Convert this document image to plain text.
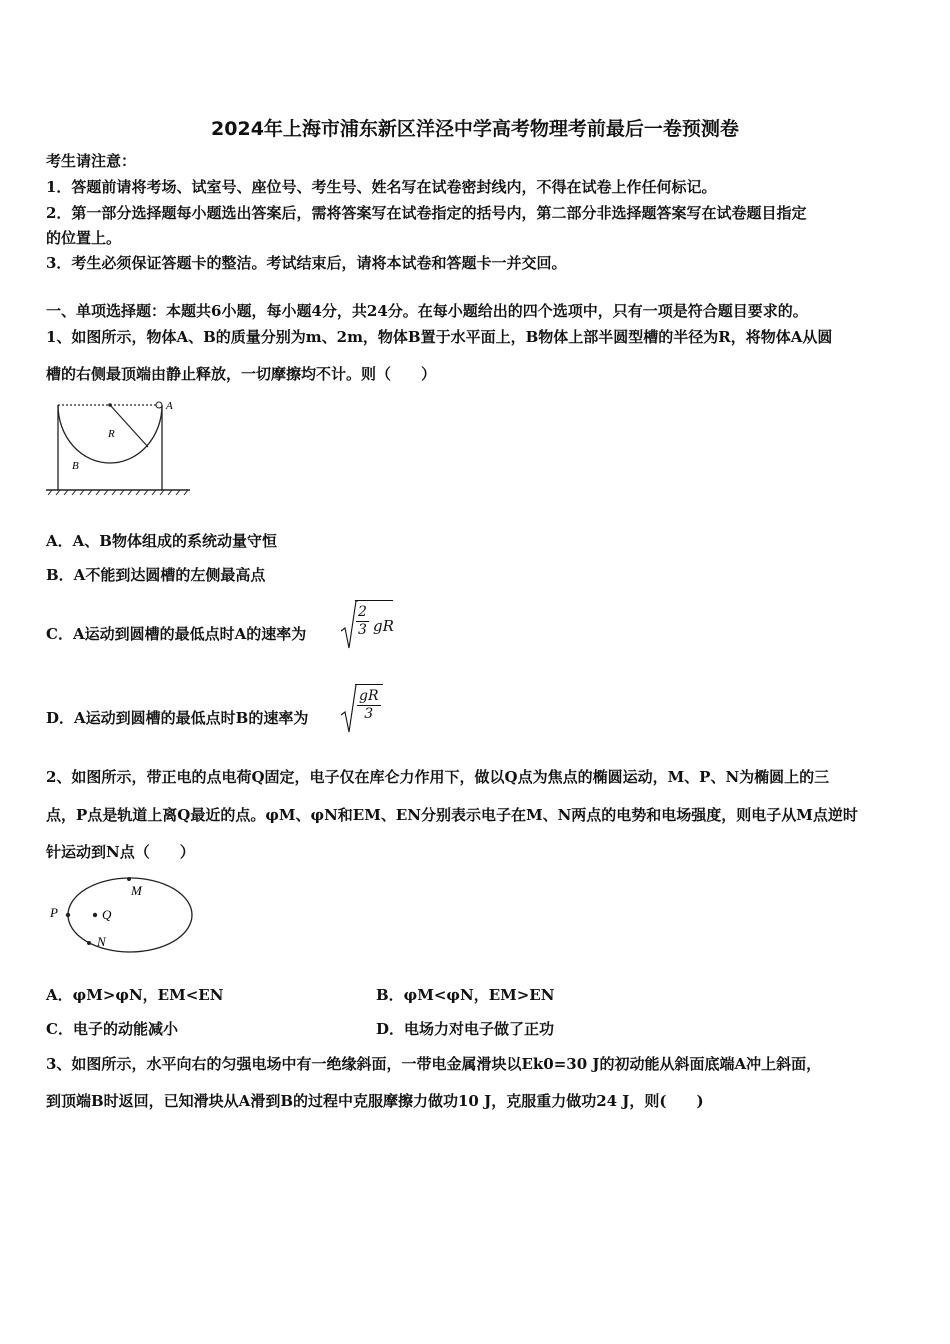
2024年上海市浦东新区洋泾中学高考物理考前最后一卷预测卷
考生请注意：
1．答题前请将考场、试室号、座位号、考生号、姓名写在试卷密封线内，不得在试卷上作任何标记。
2．第一部分选择题每小题选出答案后，需将答案写在试卷指定的括号内，第二部分非选择题答案写在试卷题目指定
的位置上。
3．考生必须保证答题卡的整洁。考试结束后，请将本试卷和答题卡一并交回。
一、单项选择题：本题共6小题，每小题4分，共24分。在每小题给出的四个选项中，只有一项是符合题目要求的。
1、如图所示，物体A、B的质量分别为m、2m，物体B置于水平面上，B物体上部半圆型槽的半径为R，将物体A从圆
槽的右侧最顶端由静止释放，一切摩擦均不计。则（　　）
A
R
B
A．A、B物体组成的系统动量守恒
B．A不能到达圆槽的左侧最高点
C．A运动到圆槽的最低点时A的速率为	$\frac{2}{3}$ gR
D．A运动到圆槽的最低点时B的速率为	$\frac{gR}{3}$
2、如图所示，带正电的点电荷Q固定，电子仅在库仑力作用下，做以Q点为焦点的椭圆运动，M、P、N为椭圆上的三
点，P点是轨道上离Q最近的点。φM、φN和EM、EN分别表示电子在M、N两点的电势和电场强度，则电子从M点逆时
针运动到N点（　　）
P	Q
M
N
A．φM>φN，EM<EN	B．φM<φN，EM>EN
C．电子的动能减小	D．电场力对电子做了正功
3、如图所示，水平向右的匀强电场中有一绝缘斜面，一带电金属滑块以Ek0=30 J的初动能从斜面底端A冲上斜面，
到顶端B时返回，已知滑块从A滑到B的过程中克服摩擦力做功10 J，克服重力做功24 J，则(　　)
